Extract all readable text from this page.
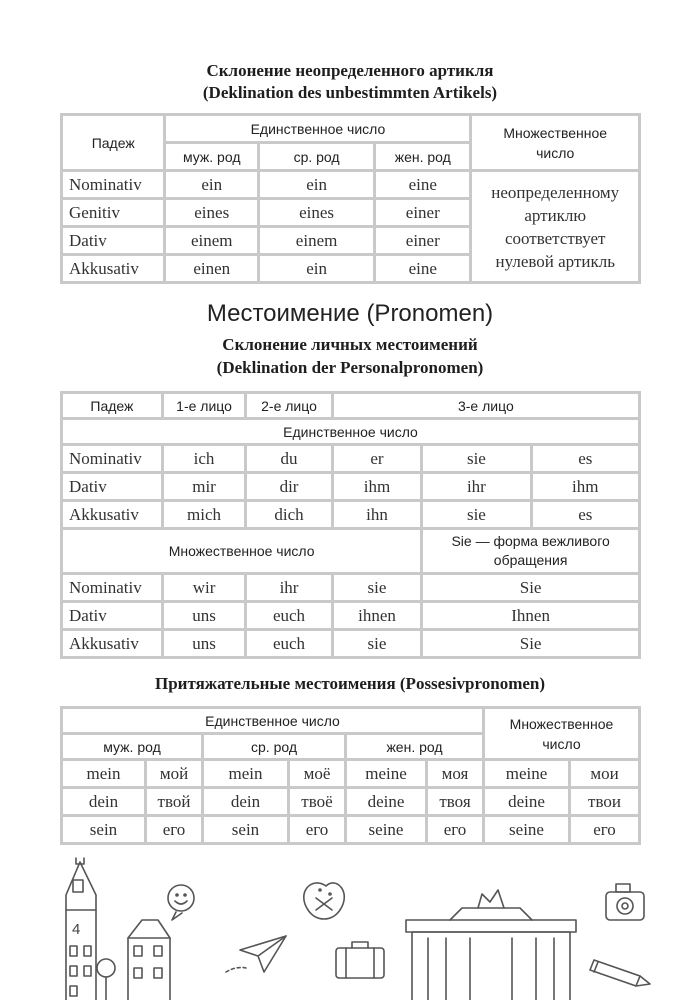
Склонение неопределенного артикля
(Deklination des unbestimmten Artikels)
Падеж	Единственное число			Множественное число
	муж. род	ср. род	жен. род	
Nominativ	ein	ein	eine	неопределенному артиклю соответствует нулевой артикль
Genitiv	eines	eines	einer	
Dativ	einem	einem	einer	
Akkusativ	einen	ein	eine	
Местоимение (Pronomen)
Склонение личных местоимений
(Deklination der Personalpronomen)
Падеж	1-е лицо	2-е лицо	3-е лицо		
Единственное число					
Nominativ	ich	du	er	sie	es
Dativ	mir	dir	ihm	ihr	ihm
Akkusativ	mich	dich	ihn	sie	es
Множественное число				Sie — форма вежливого обращения	
Nominativ	wir	ihr	sie	Sie	
Dativ	uns	euch	ihnen	Ihnen	
Akkusativ	uns	euch	sie	Sie	
Притяжательные местоимения (Possesivpronomen)
Единственное число						Множественное число	
муж. род		ср. род		жен. род			
mein	мой	mein	моё	meine	моя	meine	мои
dein	твой	dein	твоё	deine	твоя	deine	твои
sein	его	sein	его	seine	его	seine	его
4
